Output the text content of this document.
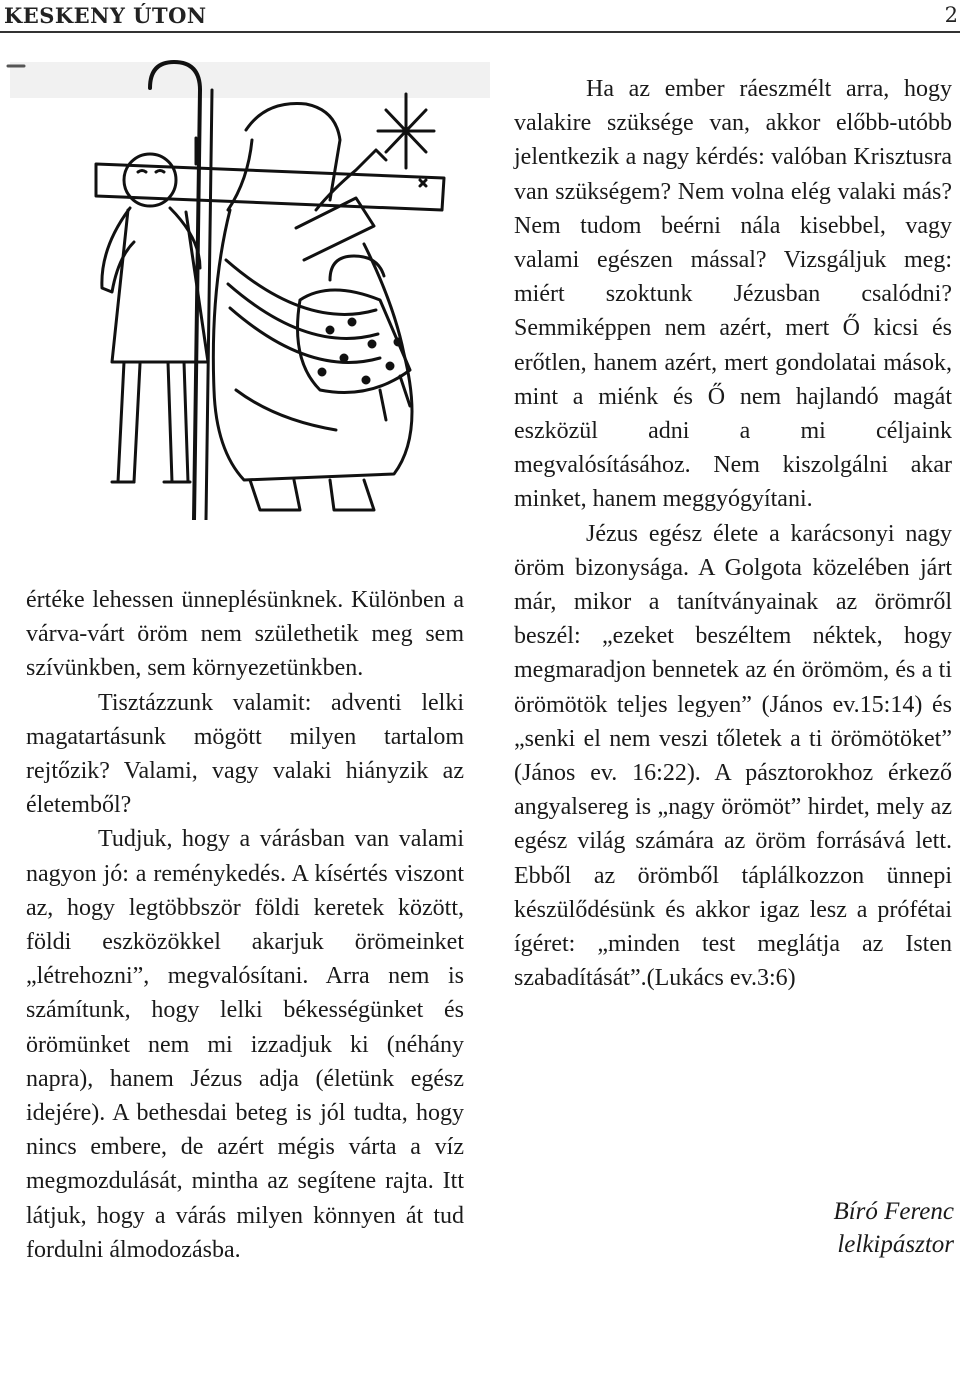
KESKENY ÚTON	2

értéke lehessen ünneplésünknek. Különben a várva-várt öröm nem születhetik meg sem szívünkben, sem környezetünkben.

Tisztázzunk valamit: adventi lelki magatartásunk mögött milyen tartalom rejtőzik? Valami, vagy valaki hiányzik az életemből?

Tudjuk, hogy a várásban van valami nagyon jó: a reménykedés. A kísértés viszont az, hogy legtöbbször földi keretek között, földi eszközökkel akarjuk örömeinket „létrehozni”, megvalósítani. Arra nem is számítunk, hogy lelki békességünket és örömünket nem mi izzadjuk ki (néhány napra), hanem Jézus adja (életünk egész idejére). A bethesdai beteg is jól tudta, hogy nincs embere, de azért mégis várta a víz megmozdulását, mintha az segítene rajta. Itt látjuk, hogy a várás milyen könnyen át tud fordulni álmodozásba.

Ha az ember ráeszmélt arra, hogy valakire szüksége van, akkor előbb-utóbb jelentkezik a nagy kérdés: valóban Krisztusra van szükségem? Nem volna elég valaki más? Nem tudom beérni nála kisebbel, vagy valami egészen mással? Vizsgáljuk meg: miért szoktunk Jézusban csalódni? Semmiképpen nem azért, mert Ő kicsi és erőtlen, hanem azért, mert gondolatai mások, mint a miénk és Ő nem hajlandó magát eszközül adni a mi céljaink megvalósításához. Nem kiszolgálni akar minket, hanem meggyógyítani.

Jézus egész élete a karácsonyi nagy öröm bizonysága. A Golgota közelében járt már, mikor a tanítványainak az örömről beszél: „ezeket beszéltem néktek, hogy megmaradjon bennetek az én örömöm, és a ti örömötök teljes legyen” (János ev.15:14) és „senki el nem veszi tőletek a ti örömötöket” (János ev. 16:22). A pásztorokhoz érkező angyalsereg is „nagy örömöt” hirdet, mely az egész világ számára az öröm forrásává lett. Ebből az örömből táplálkozzon ünnepi készülődésünk és akkor igaz lesz a prófétai ígéret: „minden test meglátja az Isten szabadítását”.(Lukács ev.3:6)

Bíró Ferenc
lelkipásztor
